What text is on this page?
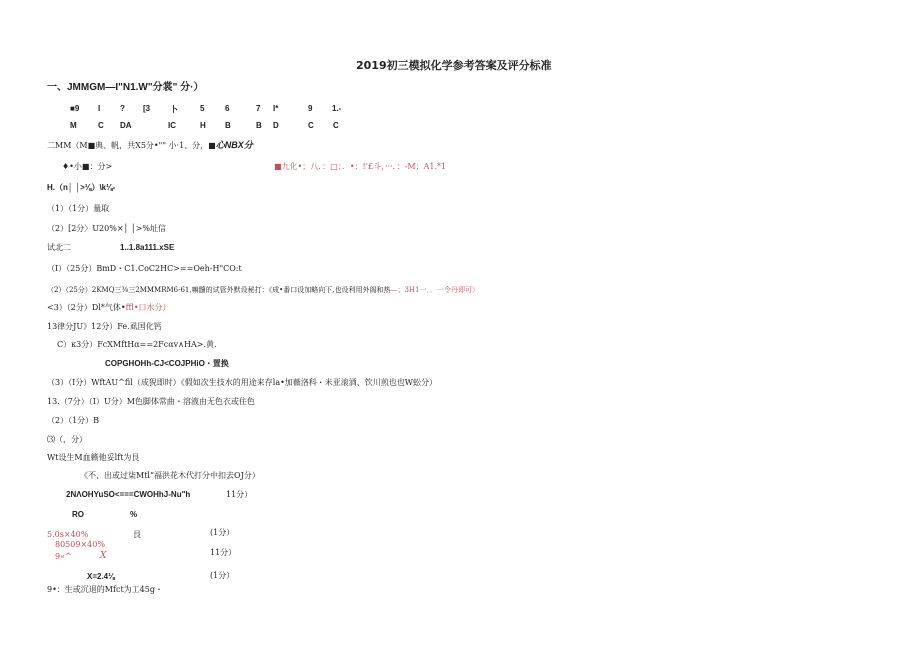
2019初三模拟化学参考答案及评分标准
一、JMMGM—I"N1.W"分裳" 分·）
■9 I ? [3 卜	5	6	7 I*	9 1.-
M	C DA	IC	H B	B D	C C
二MM（M■典、帆，共X5分•"" 小·1、分，■心NBX分
♦•小■：分>	■九化•；八．：□；．•：!'£斗，···．：-M；A1.*1
H.（n│ │>⅛）\k⅛-
（1）（1分）量取
（2）[2分〉U20%×│ │>%址信
试北二	1..1.8a111.xSE
（I）（25分）BmD・C1.CoC2HC>==Oeh-H"CO:t
（2）（25分）2KMQ三⅜三2MMMRM6-61,嘛髓的试管外默设秘打：《成•番口设加略向下,也设利用外阁和热—；3H1一．．一令丹即可）
<3）（2分）Dl*气体•ffl•口水分）
13律分JU》12分）Fe.虱国化钙
C）κ3分）FcXMftHα==2Fcαv∧HA>.黄.
COPGHOHh-CJ<COJPHiO・置换
（3）（I分）WftAU^fil（成猊即时）《假如次生技水的用途来存la•加薇洛科・米亚滚酒、饮川煎也也W蚣分）
13.（7分）（I）U分）M色脚体常曲・溶液由无色衣或住色
（2）（1分）B
⑶（，分）
Wt设生M血籁他妥lft为艮
《不、出或过柒Mtl“福洪花木代打分中扣去OJ分）
2NΛOHYuSO<===CWOHhJ-Nu"h	11分）
RO	%
5.0s×40%	艮	(1分）
80509×40%
9«^	X	11分）
X=2.4⅛	(1分）
9•：生或沉退的Mfct为工45g・
